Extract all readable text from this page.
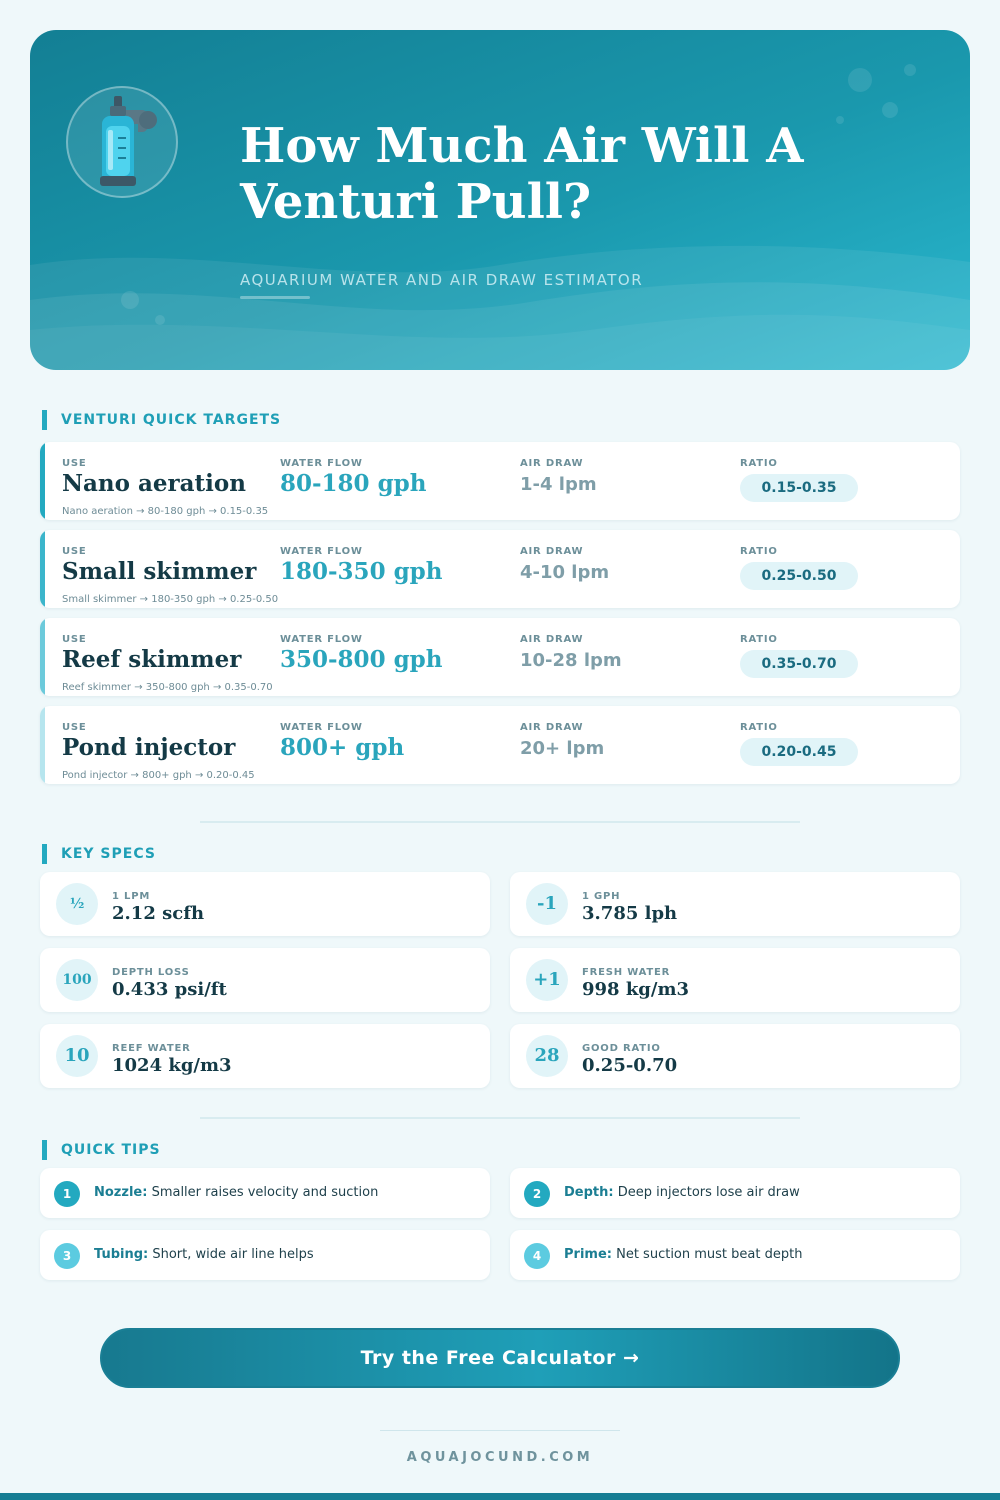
How Much Air Will A Venturi Pull?
AQUARIUM WATER AND AIR DRAW ESTIMATOR
VENTURI QUICK TARGETS
USE	WATER FLOW	AIR DRAW	RATIO
Nano aeration 80-180 gph	1-4 lpm	0.15-0.35
Nano aeration → 80-180 gph → 0.15-0.35
USE	WATER FLOW	AIR DRAW	RATIO
Small skimmer 180-350 gph	4-10 lpm	0.25-0.50
Small skimmer → 180-350 gph → 0.25-0.50
USE	WATER FLOW	AIR DRAW	RATIO
Reef skimmer 350-800 gph	10-28 lpm	0.35-0.70
Reef skimmer → 350-800 gph → 0.35-0.70
USE	WATER FLOW	AIR DRAW	RATIO
Pond injector 800+ gph	20+ lpm	0.20-0.45
Pond injector → 800+ gph → 0.20-0.45
KEY SPECS
½	1 LPM
2.12 scfh	-1	1 GPH
3.785 lph
100	DEPTH LOSS
0.433 psi/ft	+1	FRESH WATER
998 kg/m3
10	REEF WATER
1024 kg/m3	28	GOOD RATIO
0.25-0.70
QUICK TIPS
1	Nozzle: Smaller raises velocity and suction	2	Depth: Deep injectors lose air draw
3	Tubing: Short, wide air line helps	4	Prime: Net suction must beat depth
Try the Free Calculator →
AQUAJOCUND.COM
